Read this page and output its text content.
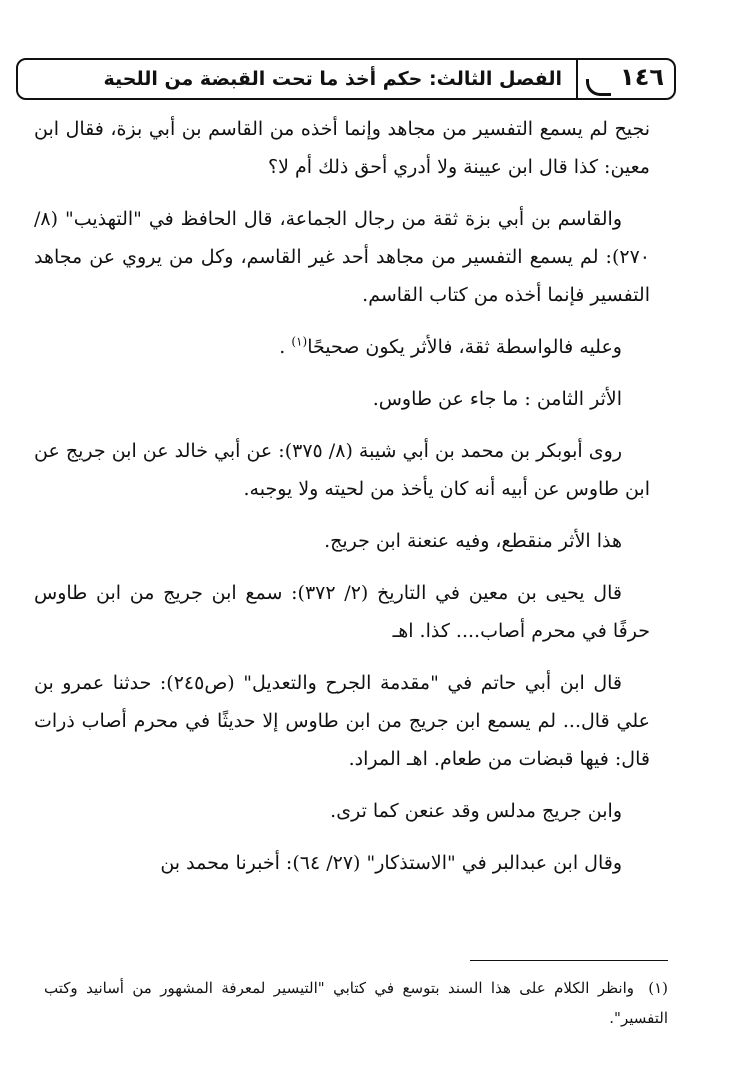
الفصل الثالث: حكم أخذ ما تحت القبضة من اللحية ١٤٦

نجيح لم يسمع التفسير من مجاهد وإنما أخذه من القاسم بن أبي بزة، فقال ابن معين: كذا قال ابن عيينة ولا أدري أحق ذلك أم لا؟

والقاسم بن أبي بزة ثقة من رجال الجماعة، قال الحافظ في "التهذيب" (٨/ ٢٧٠): لم يسمع التفسير من مجاهد أحد غير القاسم، وكل من يروي عن مجاهد التفسير فإنما أخذه من كتاب القاسم.

وعليه فالواسطة ثقة، فالأثر يكون صحيحًا$^{(١)}$ .

الأثر الثامن : ما جاء عن طاوس.

روى أبوبكر بن محمد بن أبي شيبة (٨/ ٣٧٥): عن أبي خالد عن ابن جريج عن ابن طاوس عن أبيه أنه كان يأخذ من لحيته ولا يوجبه.

هذا الأثر منقطع، وفيه عنعنة ابن جريج.

قال يحيى بن معين في التاريخ (٢/ ٣٧٢): سمع ابن جريج من ابن طاوس حرفًا في محرم أصاب.... كذا. اهـ

قال ابن أبي حاتم في "مقدمة الجرح والتعديل" (ص٢٤٥): حدثنا عمرو بن علي قال... لم يسمع ابن جريج من ابن طاوس إلا حديثًا في محرم أصاب ذرات قال: فيها قبضات من طعام. اهـ المراد.

وابن جريج مدلس وقد عنعن كما ترى.

وقال ابن عبدالبر في "الاستذكار" (٢٧/ ٦٤): أخبرنا محمد بن

(١)وانظر الكلام على هذا السند بتوسع في كتابي "التيسير لمعرفة المشهور من أسانيد وكتب التفسير".
